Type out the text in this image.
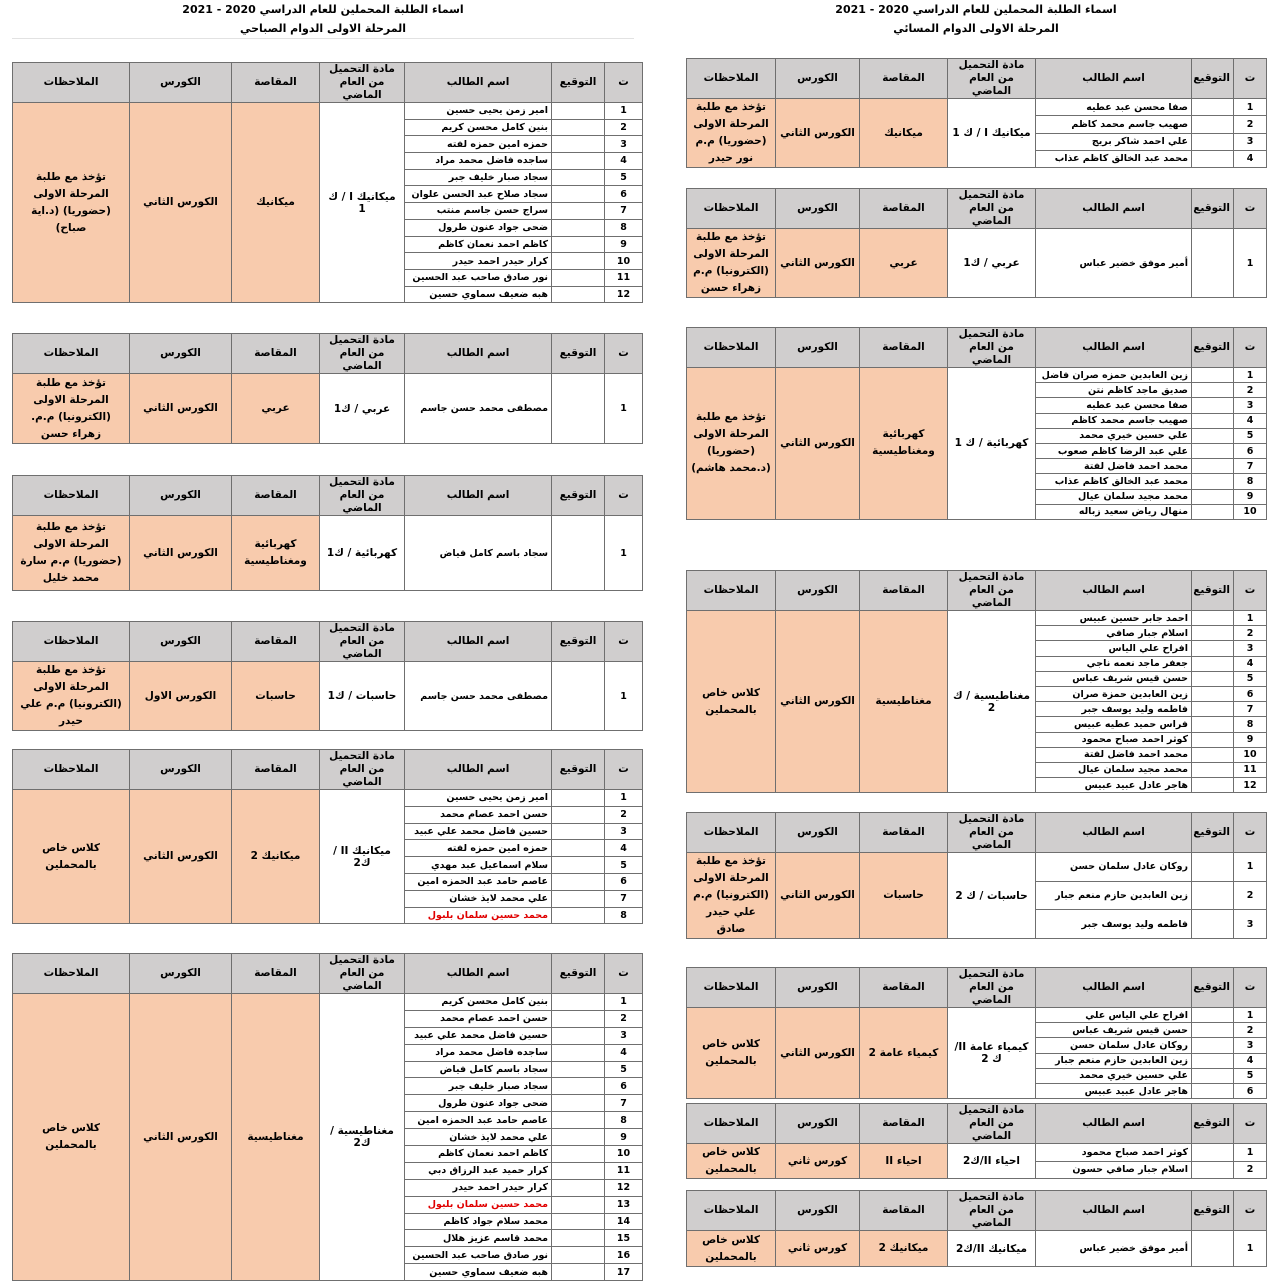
اسماء الطلبة المحملين للعام الدراسي 2020 - 2021
المرحلة الاولى الدوام الصباحي
ت	التوقيع	اسم الطالب	مادة التحميل من العام الماضي	المقاصة	الكورس	الملاحظات
1		امير زمن يحيى حسين	ميكانيك I / ك 1	ميكانيك	الكورس الثاني	تؤخذ مع طلبة المرحلة الاولى (حضوريا) (د.اية صباح)
2		بنين كامل محسن كريم				
3		حمزه امين حمزه لفته				
4		ساجده فاضل محمد مراد				
5		سجاد صبار خليف جبر				
6		سجاد صلاح عبد الحسن علوان				
7		سراج حسن جاسم منتب				
8		ضحى جواد عنون طرول				
9		كاظم احمد نعمان كاظم				
10		كرار حيدر احمد حيدر				
11		نور صادق صاحب عبد الحسين				
12		هبه ضعيف سماوي حسين				
ت	التوقيع	اسم الطالب	مادة التحميل من العام الماضي	المقاصة	الكورس	الملاحظات
1		مصطفى محمد حسن جاسم	عربي / ك1	عربي	الكورس الثاني	تؤخذ مع طلبة المرحلة الاولى (الكترونيا) م.م. زهراء حسن
ت	التوقيع	اسم الطالب	مادة التحميل من العام الماضي	المقاصة	الكورس	الملاحظات
1		سجاد باسم كامل فياض	كهربائية / ك1	كهربائية ومغناطيسية	الكورس الثاني	تؤخذ مع طلبة المرحلة الاولى (حضوريا) م.م سارة محمد خليل
ت	التوقيع	اسم الطالب	مادة التحميل من العام الماضي	المقاصة	الكورس	الملاحظات
1		مصطفى محمد حسن جاسم	حاسبات / ك1	حاسبات	الكورس الاول	تؤخذ مع طلبة المرحلة الاولى (الكترونيا) م.م علي حيدر
ت	التوقيع	اسم الطالب	مادة التحميل من العام الماضي	المقاصة	الكورس	الملاحظات
1		امير زمن يحيى حسين	ميكانيك II / ك2	ميكانيك 2	الكورس الثاني	كلاس خاص بالمحملين
2		حسن احمد عصام محمد				
3		حسين فاضل محمد علي عبيد				
4		حمزه امين حمزه لفته				
5		سلام اسماعيل عبد مهدي				
6		عاصم حامد عبد الحمزه امين				
7		علي محمد لايذ خشان				
8		محمد حسين سلمان بلبول				
ت	التوقيع	اسم الطالب	مادة التحميل من العام الماضي	المقاصة	الكورس	الملاحظات
1		بنين كامل محسن كريم	مغناطيسية / ك2	مغناطيسية	الكورس الثاني	كلاس خاص بالمحملين
2		حسن احمد عصام محمد				
3		حسين فاضل محمد علي عبيد				
4		ساجده فاضل محمد مراد				
5		سجاد باسم كامل فياض				
6		سجاد صبار خليف جبر				
7		ضحى جواد عنون طرول				
8		عاصم حامد عبد الحمزه امين				
9		علي محمد لايذ خشان				
10		كاظم احمد نعمان كاظم				
11		كرار حميد عبد الرزاق دبي				
12		كرار حيدر احمد حيدر				
13		محمد حسين سلمان بلبول				
14		محمد سلام جواد كاظم				
15		محمد قاسم عزيز هلال				
16		نور صادق صاحب عبد الحسين				
17		هبه ضعيف سماوي حسين				
اسماء الطلبة المحملين للعام الدراسي 2020 - 2021
المرحلة الاولى الدوام المسائي
ت	التوقيع	اسم الطالب	مادة التحميل من العام الماضي	المقاصة	الكورس	الملاحظات
1		صفا محسن عبد عطيه	ميكانيك I / ك 1	ميكانيك	الكورس الثاني	تؤخذ مع طلبة المرحلة الاولى (حضوريا) م.م نور حيدر
2		صهيب جاسم محمد كاظم				
3		علي احمد شاكر بريج				
4		محمد عبد الخالق كاظم عذاب				
ت	التوقيع	اسم الطالب	مادة التحميل من العام الماضي	المقاصة	الكورس	الملاحظات
1		أمير موفق خضير عباس	عربي / ك1	عربي	الكورس الثاني	تؤخذ مع طلبة المرحلة الاولى (الكترونيا) م.م زهراء حسن
ت	التوقيع	اسم الطالب	مادة التحميل من العام الماضي	المقاصة	الكورس	الملاحظات
1		زين العابدين حمزه صران فاضل	كهربائية / ك 1	كهربائية ومغناطيسية	الكورس الثاني	تؤخذ مع طلبة المرحلة الاولى (حضوريا) (د.محمد هاشم)
2		صديق ماجد كاظم نتن				
3		صفا محسن عبد عطيه				
4		صهيب جاسم محمد كاظم				
5		علي حسين خيري محمد				
6		علي عبد الرضا كاظم صعوب				
7		محمد احمد فاضل لفتة				
8		محمد عبد الخالق كاظم عذاب				
9		محمد مجيد سلمان عيال				
10		منهال رياض سعيد زباله				
ت	التوقيع	اسم الطالب	مادة التحميل من العام الماضي	المقاصة	الكورس	الملاحظات
1		احمد جابر حسين عبيس	مغناطيسية / ك 2	مغناطيسية	الكورس الثاني	كلاس خاص بالمحملين
2		اسلام جبار صافي				
3		افراح علي الياس				
4		جعفر ماجد نعمه ناجي				
5		حسن قيس شريف عباس				
6		زين العابدين حمزة صران				
7		فاطمه وليد يوسف جبر				
8		فراس حميد عطيه عبيس				
9		كوثر احمد صباح محمود				
10		محمد احمد فاضل لفتة				
11		محمد مجيد سلمان عيال				
12		هاجر عادل عبيد عبيس				
ت	التوقيع	اسم الطالب	مادة التحميل من العام الماضي	المقاصة	الكورس	الملاحظات
1		روكان عادل سلمان حسن	حاسبات / ك 2	حاسبات	الكورس الثاني	تؤخذ مع طلبة المرحلة الاولى (الكترونيا) م.م علي حيدر صادق
2		زين العابدين حازم منعم جبار				
3		فاطمه وليد يوسف جبر				
ت	التوقيع	اسم الطالب	مادة التحميل من العام الماضي	المقاصة	الكورس	الملاحظات
1		افراح علي الياس علي	كيمياء عامة II/ ك 2	كيمياء عامة 2	الكورس الثاني	كلاس خاص بالمحملين
2		حسن قيس شريف عباس				
3		روكان عادل سلمان حسن				
4		زين العابدين حازم منعم جبار				
5		علي حسين خيري محمد				
6		هاجر عادل عبيد عبيس				
ت	التوقيع	اسم الطالب	مادة التحميل من العام الماضي	المقاصة	الكورس	الملاحظات
1		كوثر احمد صباح محمود	احياء II/ك2	احياء II	كورس ثاني	كلاس خاص بالمحملين
2		اسلام جبار صافي حسون				
ت	التوقيع	اسم الطالب	مادة التحميل من العام الماضي	المقاصة	الكورس	الملاحظات
1		أمير موفق خضير عباس	ميكانيك II/ك2	ميكانيك 2	كورس ثاني	كلاس خاص بالمحملين
